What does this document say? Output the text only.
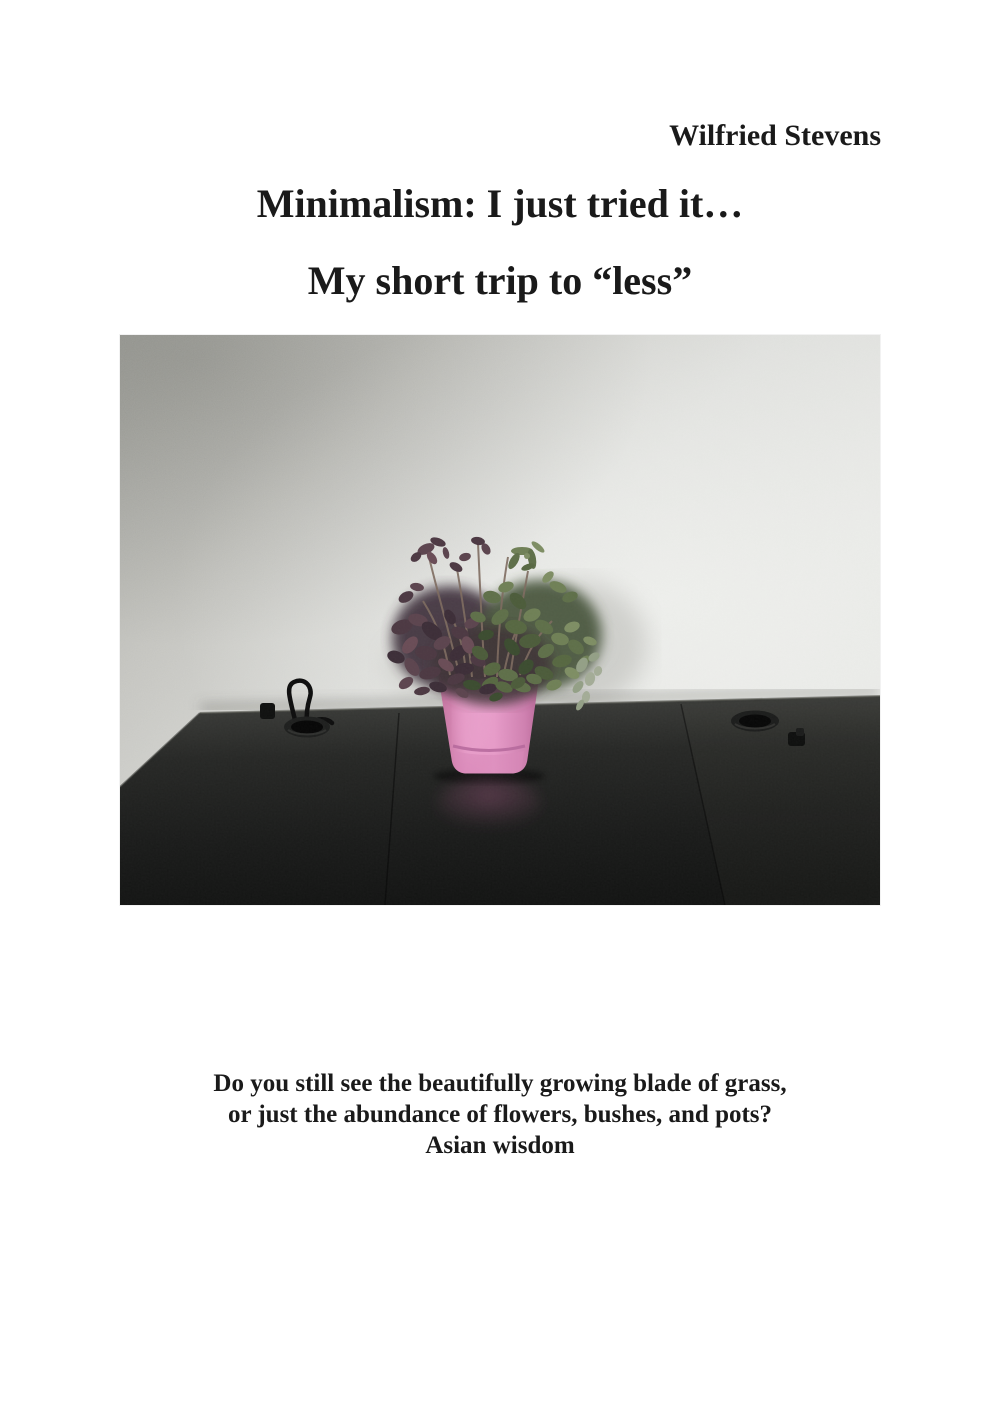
Wilfried Stevens
Minimalism: I just tried it…
My short trip to “less”
Do you still see the beautifully growing blade of grass,
or just the abundance of flowers, bushes, and pots?
Asian wisdom
